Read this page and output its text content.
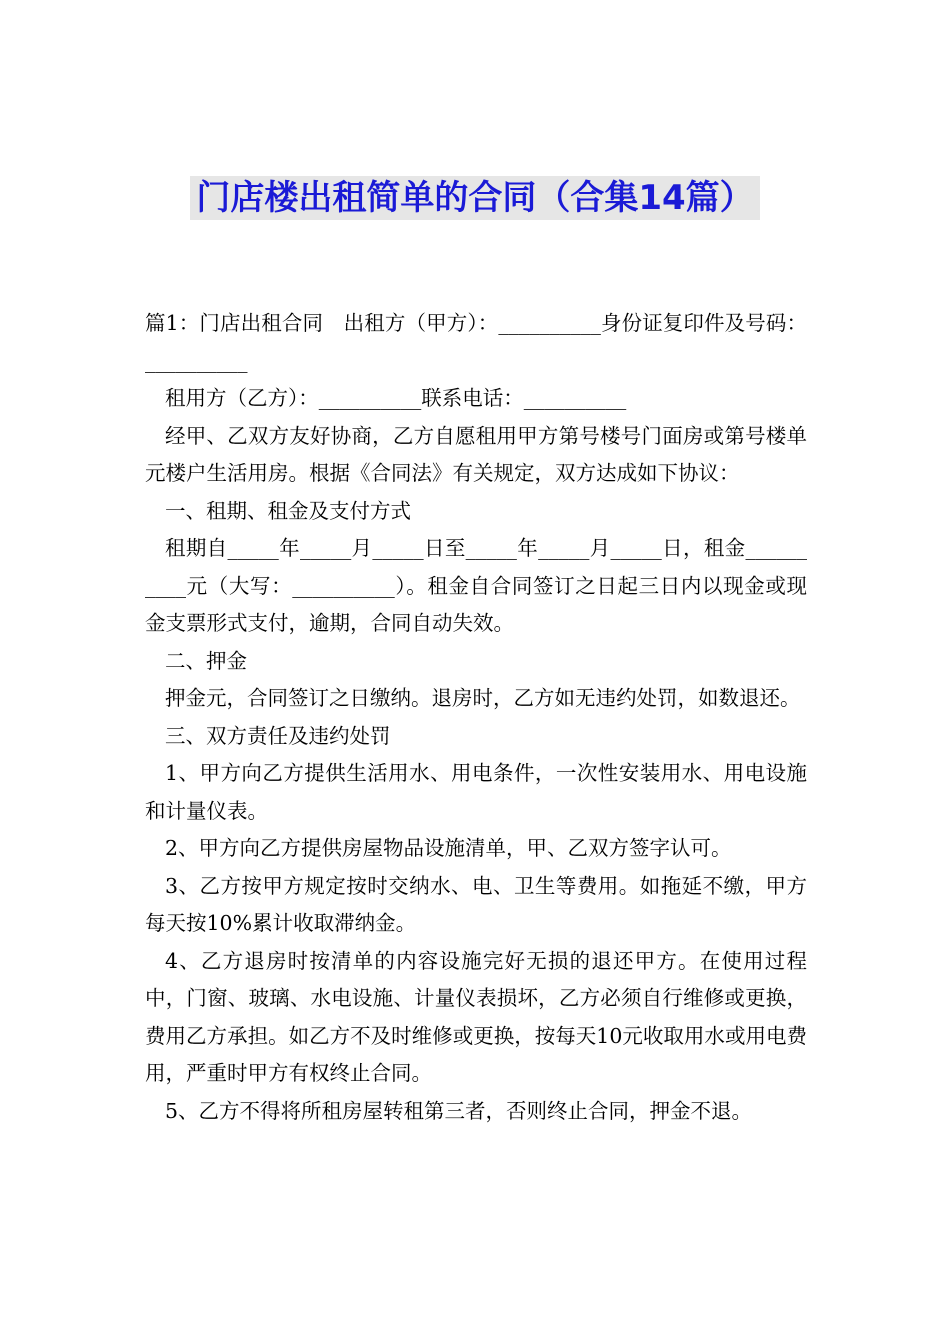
门店楼出租简单的合同（合集14篇）

篇1：门店出租合同　出租方（甲方）：__________身份证复印件及号码：__________

租用方（乙方）：__________联系电话：__________

经甲、乙双方友好协商，乙方自愿租用甲方第号楼号门面房或第号楼单元楼户生活用房。根据《合同法》有关规定，双方达成如下协议：

一、租期、租金及支付方式

租期自_____年_____月_____日至_____年_____月_____日，租金__________元（大写：__________）。租金自合同签订之日起三日内以现金或现金支票形式支付，逾期，合同自动失效。

二、押金

押金元，合同签订之日缴纳。退房时，乙方如无违约处罚，如数退还。

三、双方责任及违约处罚

1、甲方向乙方提供生活用水、用电条件，一次性安装用水、用电设施和计量仪表。

2、甲方向乙方提供房屋物品设施清单，甲、乙双方签字认可。

3、乙方按甲方规定按时交纳水、电、卫生等费用。如拖延不缴，甲方每天按10%累计收取滞纳金。

4、乙方退房时按清单的内容设施完好无损的退还甲方。在使用过程中，门窗、玻璃、水电设施、计量仪表损坏，乙方必须自行维修或更换，费用乙方承担。如乙方不及时维修或更换，按每天10元收取用水或用电费用，严重时甲方有权终止合同。

5、乙方不得将所租房屋转租第三者，否则终止合同，押金不退。
